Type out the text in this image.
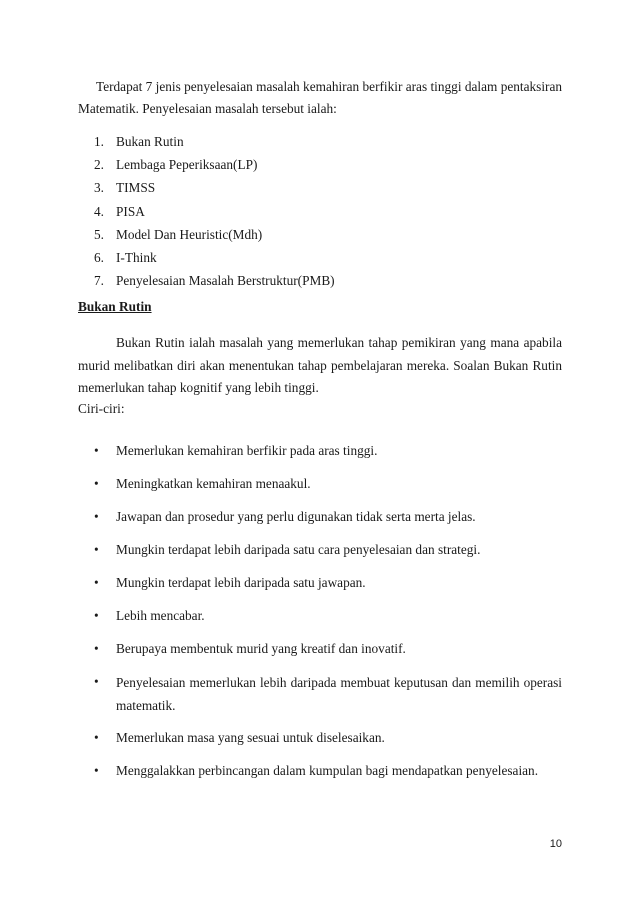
Terdapat 7 jenis penyelesaian masalah kemahiran berfikir aras tinggi dalam pentaksiran Matematik. Penyelesaian masalah tersebut ialah:

1. Bukan Rutin
2. Lembaga Peperiksaan(LP)
3. TIMSS
4. PISA
5. Model Dan Heuristic(Mdh)
6. I-Think
7. Penyelesaian Masalah Berstruktur(PMB)
Bukan Rutin

Bukan Rutin ialah masalah yang memerlukan tahap pemikiran yang mana apabila murid melibatkan diri akan menentukan tahap pembelajaran mereka. Soalan Bukan Rutin memerlukan tahap kognitif yang lebih tinggi.

Ciri-ciri:

• Memerlukan kemahiran berfikir pada aras tinggi.

• Meningkatkan kemahiran menaakul.

• Jawapan dan prosedur yang perlu digunakan tidak serta merta jelas.

• Mungkin terdapat lebih daripada satu cara penyelesaian dan strategi.

• Mungkin terdapat lebih daripada satu jawapan.

• Lebih mencabar.

• Berupaya membentuk murid yang kreatif dan inovatif.

• Penyelesaian memerlukan lebih daripada membuat keputusan dan memilih operasi matematik.

• Memerlukan masa yang sesuai untuk diselesaikan.

• Menggalakkan perbincangan dalam kumpulan bagi mendapatkan penyelesaian.

10
